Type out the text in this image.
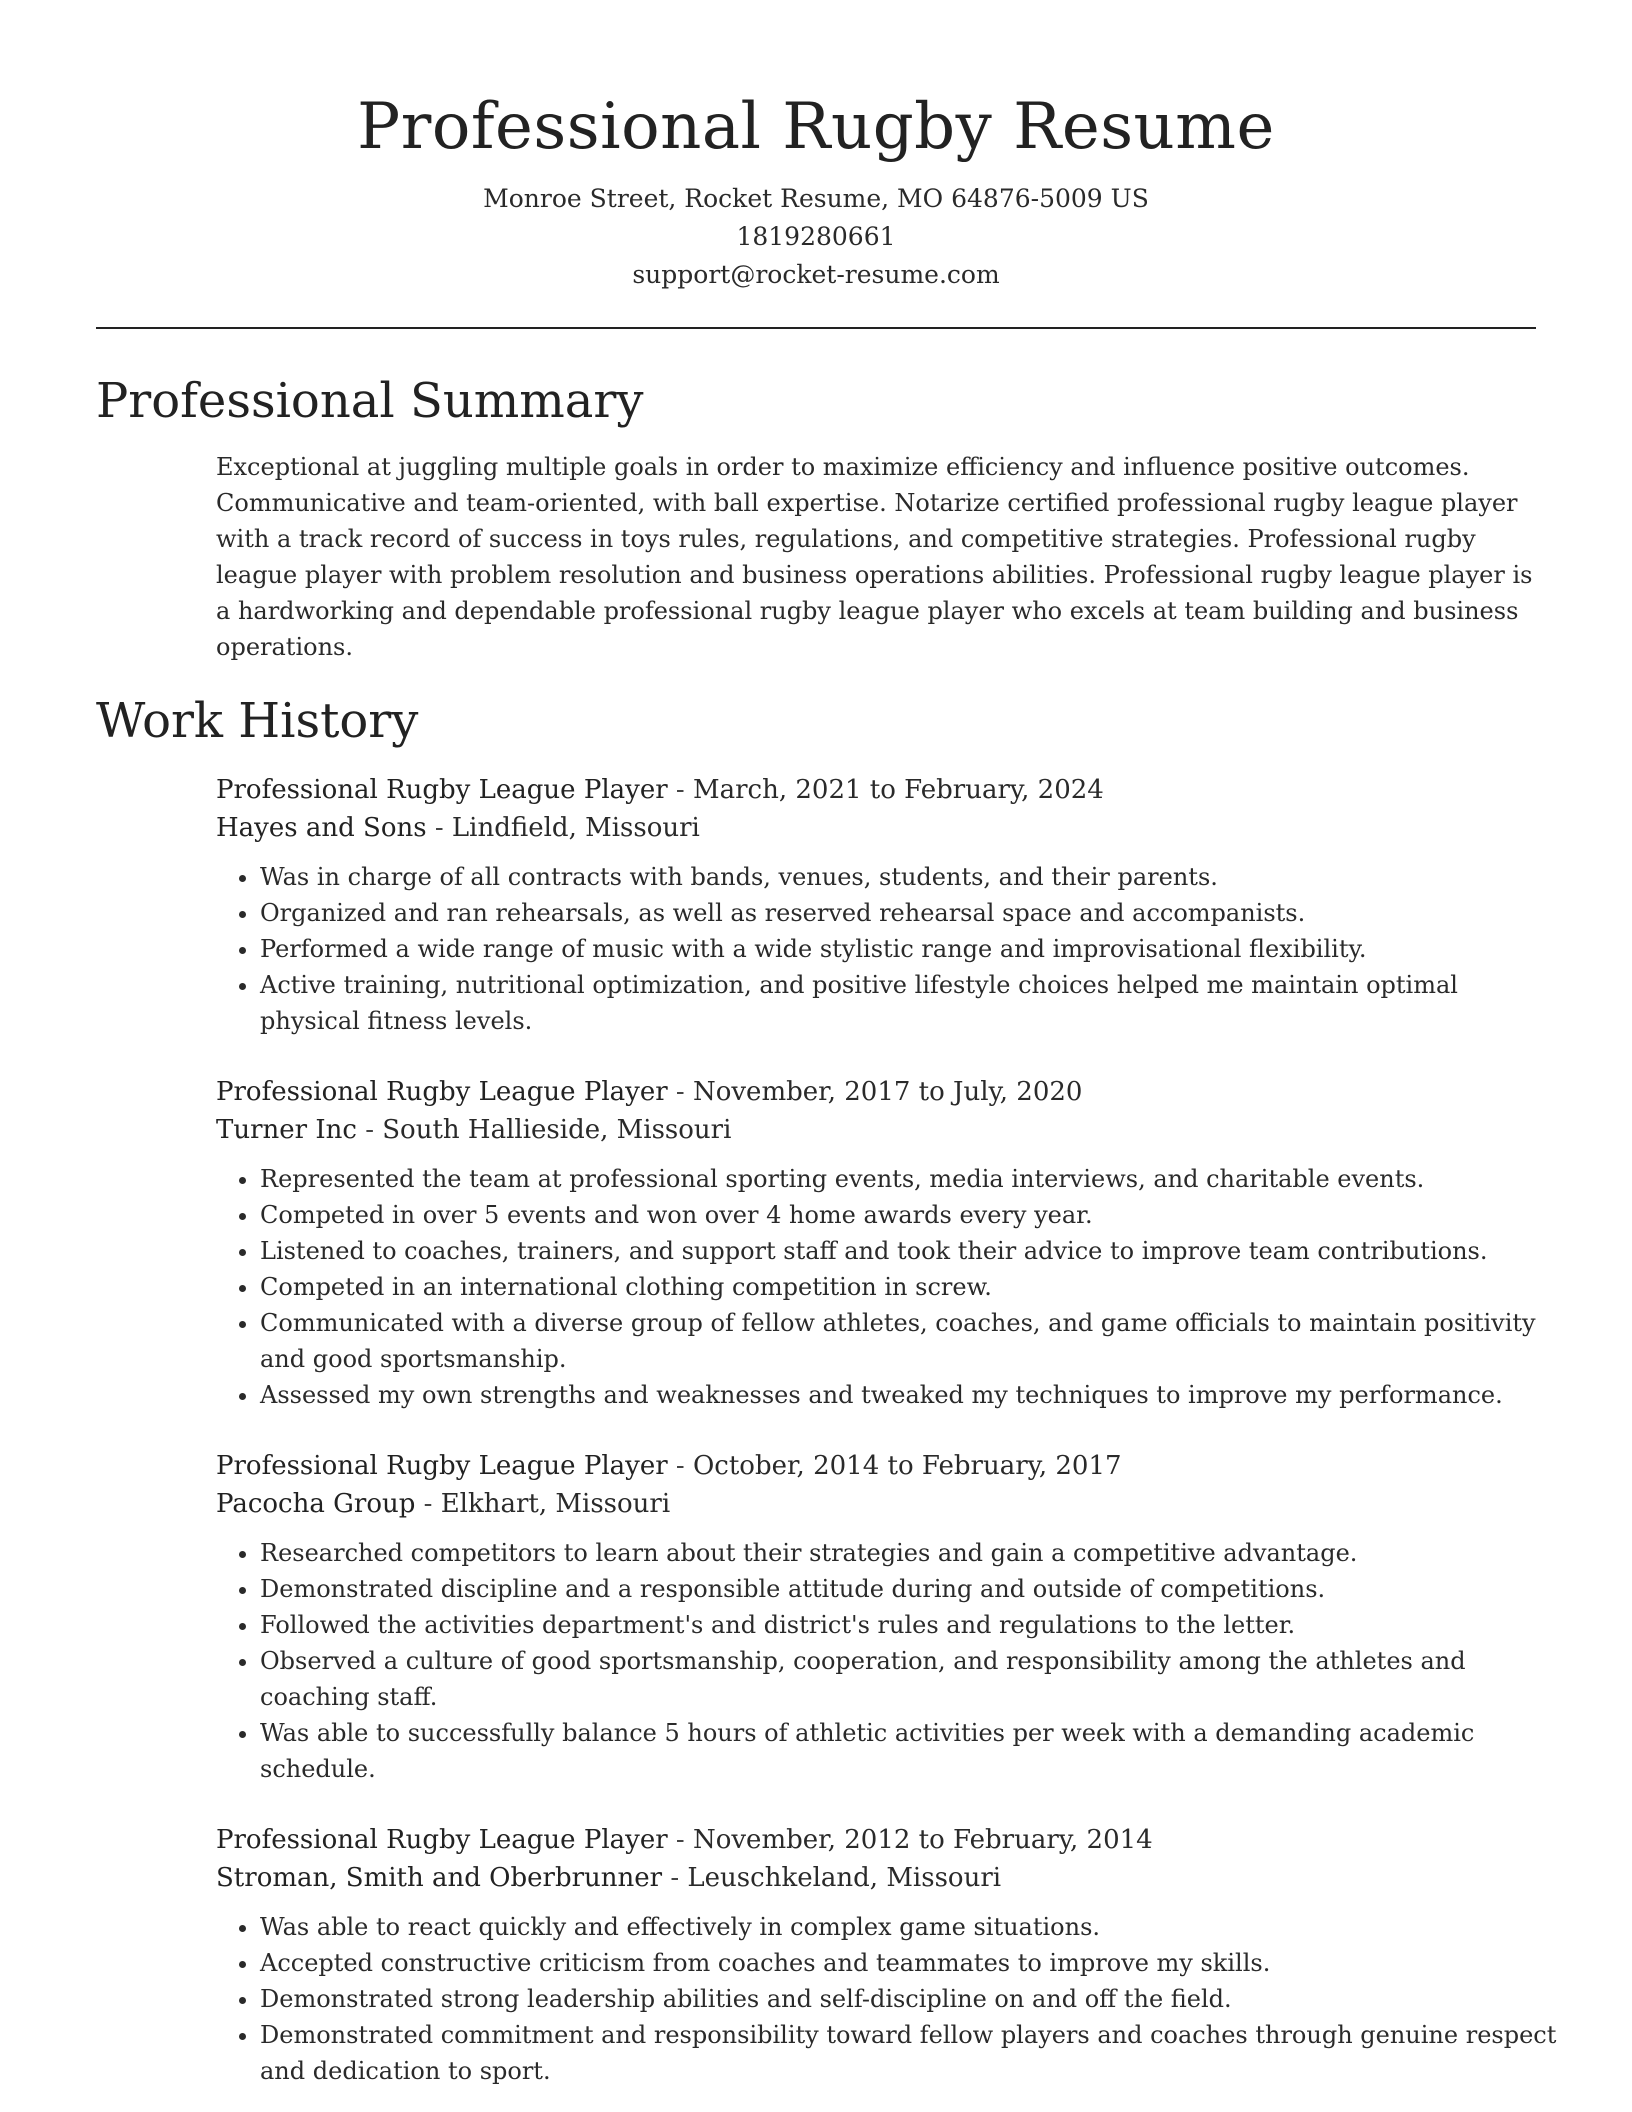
Professional Rugby Resume
Monroe Street, Rocket Resume, MO 64876-5009 US
1819280661
support@rocket-resume.com
Professional Summary

Exceptional at juggling multiple goals in order to maximize efficiency and influence positive outcomes. Communicative and team-oriented, with ball expertise. Notarize certified professional rugby league player with a track record of success in toys rules, regulations, and competitive strategies. Professional rugby league player with problem resolution and business operations abilities. Professional rugby league player is a hardworking and dependable professional rugby league player who excels at team building and business operations.

Work History
Professional Rugby League Player - March, 2021 to February, 2024
Hayes and Sons - Lindfield, Missouri
• Was in charge of all contracts with bands, venues, students, and their parents.
• Organized and ran rehearsals, as well as reserved rehearsal space and accompanists.
• Performed a wide range of music with a wide stylistic range and improvisational flexibility.
• Active training, nutritional optimization, and positive lifestyle choices helped me maintain optimal physical fitness levels.
Professional Rugby League Player - November, 2017 to July, 2020
Turner Inc - South Hallieside, Missouri
• Represented the team at professional sporting events, media interviews, and charitable events.
• Competed in over 5 events and won over 4 home awards every year.
• Listened to coaches, trainers, and support staff and took their advice to improve team contributions.
• Competed in an international clothing competition in screw.
• Communicated with a diverse group of fellow athletes, coaches, and game officials to maintain positivity and good sportsmanship.
• Assessed my own strengths and weaknesses and tweaked my techniques to improve my performance.
Professional Rugby League Player - October, 2014 to February, 2017
Pacocha Group - Elkhart, Missouri
• Researched competitors to learn about their strategies and gain a competitive advantage.
• Demonstrated discipline and a responsible attitude during and outside of competitions.
• Followed the activities department's and district's rules and regulations to the letter.
• Observed a culture of good sportsmanship, cooperation, and responsibility among the athletes and coaching staff.
• Was able to successfully balance 5 hours of athletic activities per week with a demanding academic schedule.
Professional Rugby League Player - November, 2012 to February, 2014
Stroman, Smith and Oberbrunner - Leuschkeland, Missouri
• Was able to react quickly and effectively in complex game situations.
• Accepted constructive criticism from coaches and teammates to improve my skills.
• Demonstrated strong leadership abilities and self-discipline on and off the field.
• Demonstrated commitment and responsibility toward fellow players and coaches through genuine respect and dedication to sport.
